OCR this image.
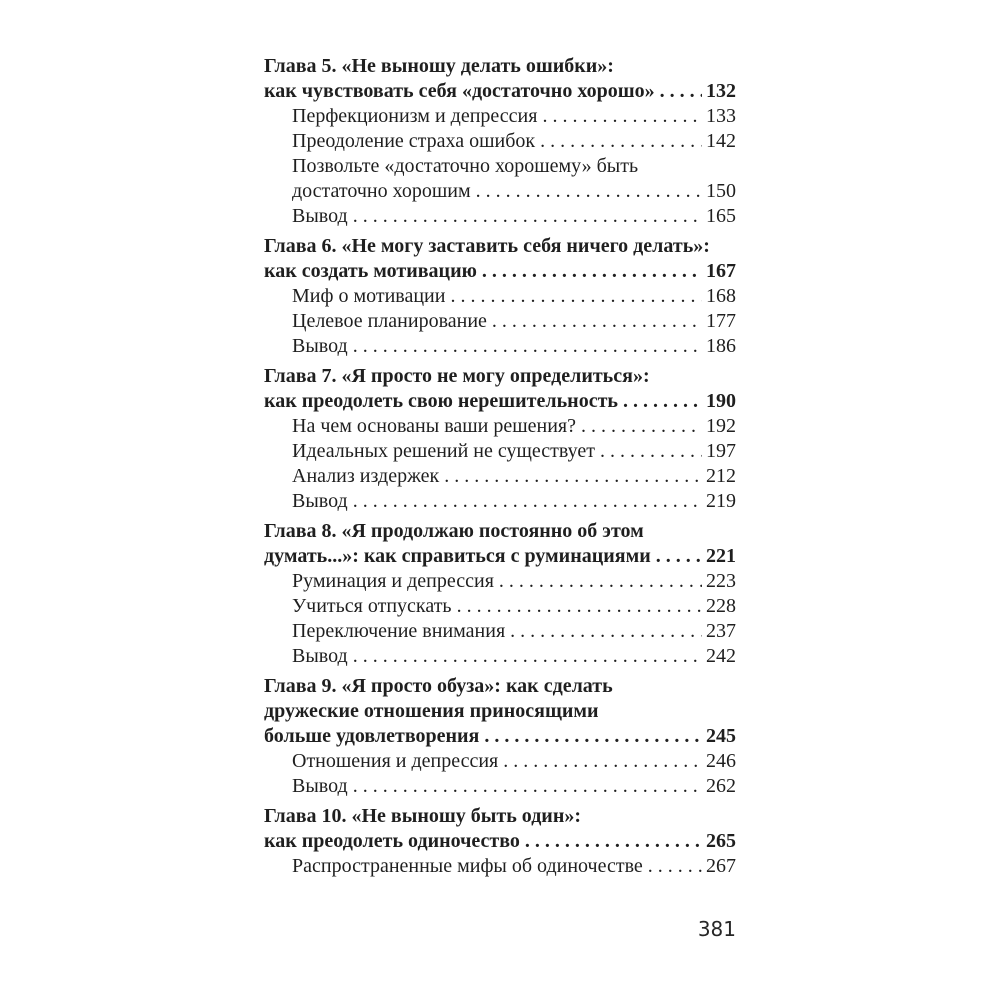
Глава 5. «Не выношу делать ошибки»:
как чувствовать себя «достаточно хорошо» . . .	132
Перфекционизм и депрессия . . .	133
Преодоление страха ошибок . . .	142
Позвольте «достаточно хорошему» быть
достаточно хорошим . . .	150
Вывод . . .	165
Глава 6. «Не могу заставить себя ничего делать»:
как создать мотивацию . . .	167
Миф о мотивации . . .	168
Целевое планирование . . .	177
Вывод . . .	186
Глава 7. «Я просто не могу определиться»:
как преодолеть свою нерешительность . . .	190
На чем основаны ваши решения? . . .	192
Идеальных решений не существует . . .	197
Анализ издержек . . .	212
Вывод . . .	219
Глава 8. «Я продолжаю постоянно об этом
думать...»: как справиться с руминациями . . .	221
Руминация и депрессия . . .	223
Учиться отпускать . . .	228
Переключение внимания . . .	237
Вывод . . .	242
Глава 9. «Я просто обуза»: как сделать
дружеские отношения приносящими
больше удовлетворения . . .	245
Отношения и депрессия . . .	246
Вывод . . .	262
Глава 10. «Не выношу быть один»:
как преодолеть одиночество . . .	265
Распространенные мифы об одиночестве . . .	267
381
